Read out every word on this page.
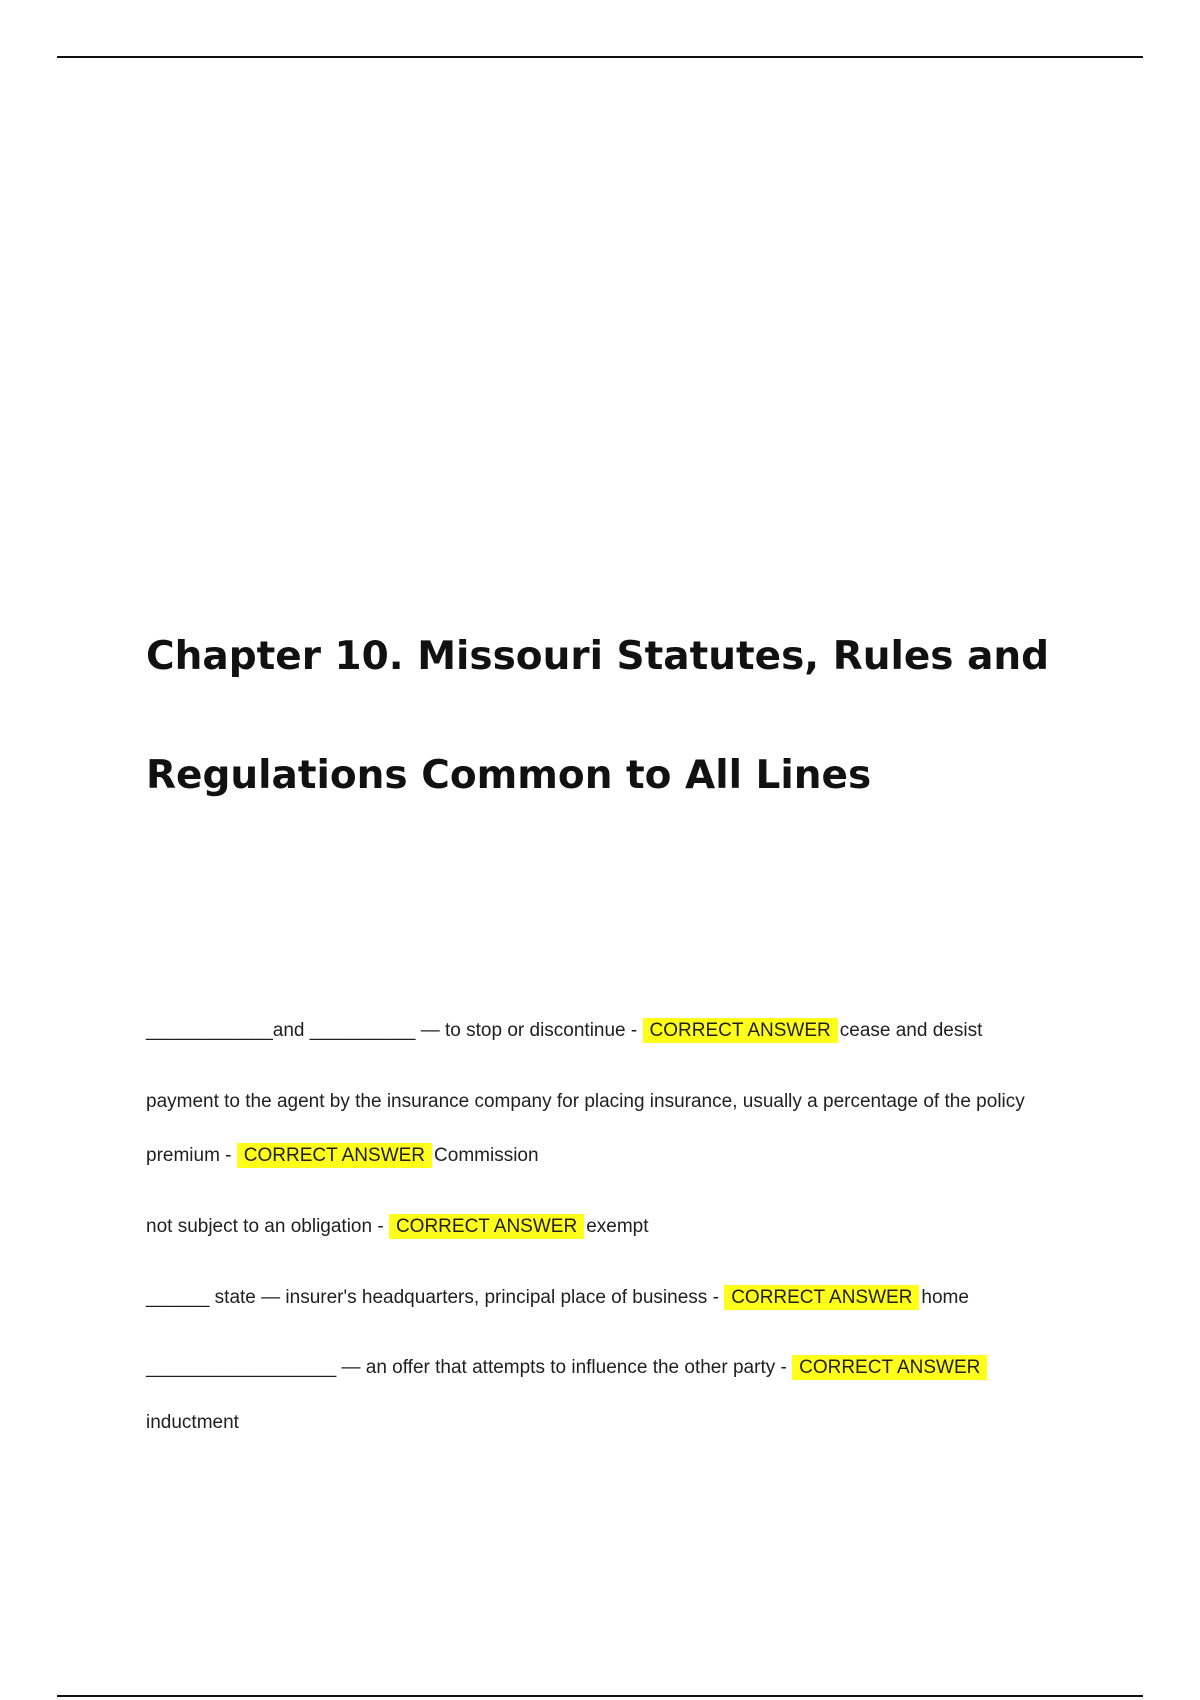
Chapter 10. Missouri Statutes, Rules and
Regulations Common to All Lines
____________and __________ — to stop or discontinue - CORRECT ANSWER cease and desist
payment to the agent by the insurance company for placing insurance, usually a percentage of the policy
premium - CORRECT ANSWER Commission
not subject to an obligation - CORRECT ANSWER exempt
______ state — insurer's headquarters, principal place of business - CORRECT ANSWER home
__________________ — an offer that attempts to influence the other party - CORRECT ANSWER
inductment
